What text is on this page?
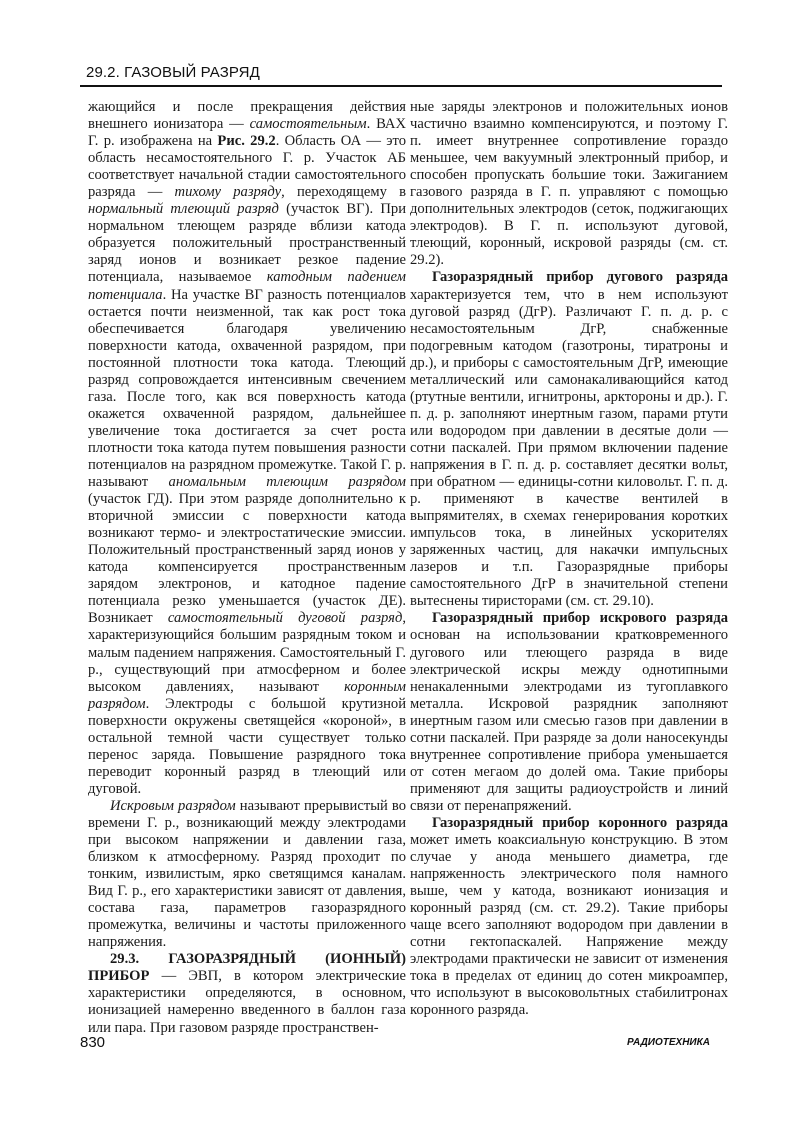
29.2. ГАЗОВЫЙ РАЗРЯД

жающийся и после прекращения действия внешнего ионизатора — самостоятельным. ВАХ Г. р. изображена на Рис. 29.2. Область ОА — это область несамостоятельного Г. р. Участок АБ соответствует начальной стадии самостоятельного разряда — тихому разряду, переходящему в нормальный тлеющий разряд (участок ВГ). При нормальном тлеющем разряде вблизи катода образуется положительный пространственный заряд ионов и возникает резкое падение потенциала, называемое катодным падением потенциала. На участке ВГ разность потенциалов остается почти неизменной, так как рост тока обеспечивается благодаря увеличению поверхности катода, охваченной разрядом, при постоянной плотности тока катода. Тлеющий разряд сопровождается интенсивным свечением газа. После того, как вся поверхность катода окажется охваченной разрядом, дальнейшее увеличение тока достигается за счет роста плотности тока катода путем повышения разности потенциалов на разрядном промежутке. Такой Г. р. называют аномальным тлеющим разрядом (участок ГД). При этом разряде дополнительно к вторичной эмиссии с поверхности катода возникают термо- и электростатические эмиссии. Положительный пространственный заряд ионов у катода компенсируется пространственным зарядом электронов, и катодное падение потенциала резко уменьшается (участок ДЕ). Возникает самостоятельный дуговой разряд, характеризующийся большим разрядным током и малым падением напряжения. Самостоятельный Г. р., существующий при атмосферном и более высоком давлениях, называют коронным разрядом. Электроды с большой крутизной поверхности окружены светящейся «короной», в остальной темной части существует только перенос заряда. Повышение разрядного тока переводит коронный разряд в тлеющий или дуговой.

Искровым разрядом называют прерывистый во времени Г. р., возникающий между электродами при высоком напряжении и давлении газа, близком к атмосферному. Разряд проходит по тонким, извилистым, ярко светящимся каналам. Вид Г. р., его характеристики зависят от давления, состава газа, параметров газоразрядного промежутка, величины и частоты приложенного напряжения.

29.3. ГАЗОРАЗРЯДНЫЙ (ИОННЫЙ) ПРИБОР — ЭВП, в котором электрические характеристики определяются, в основном, ионизацией намеренно введенного в баллон газа или пара. При газовом разряде пространствен-

ные заряды электронов и положительных ионов частично взаимно компенсируются, и поэтому Г. п. имеет внутреннее сопротивление гораздо меньшее, чем вакуумный электронный прибор, и способен пропускать большие токи. Зажиганием газового разряда в Г. п. управляют с помощью дополнительных электродов (сеток, поджигающих электродов). В Г. п. используют дуговой, тлеющий, коронный, искровой разряды (см. ст. 29.2).

Газоразрядный прибор дугового разряда характеризуется тем, что в нем используют дуговой разряд (ДгР). Различают Г. п. д. р. с несамостоятельным ДгР, снабженные подогревным катодом (газотроны, тиратроны и др.), и приборы с самостоятельным ДгР, имеющие металлический или самонакаливающийся катод (ртутные вентили, игнитроны, арктороны и др.). Г. п. д. р. заполняют инертным газом, парами ртути или водородом при давлении в десятые доли — сотни паскалей. При прямом включении падение напряжения в Г. п. д. р. составляет десятки вольт, при обратном — единицы-сотни киловольт. Г. п. д. р. применяют в качестве вентилей в выпрямителях, в схемах генерирования коротких импульсов тока, в линейных ускорителях заряженных частиц, для накачки импульсных лазеров и т.п. Газоразрядные приборы самостоятельного ДгР в значительной степени вытеснены тиристорами (см. ст. 29.10).

Газоразрядный прибор искрового разряда основан на использовании кратковременного дугового или тлеющего разряда в виде электрической искры между однотипными ненакаленными электродами из тугоплавкого металла. Искровой разрядник заполняют инертным газом или смесью газов при давлении в сотни паскалей. При разряде за доли наносекунды внутреннее сопротивление прибора уменьшается от сотен мегаом до долей ома. Такие приборы применяют для защиты радиоустройств и линий связи от перенапряжений.

Газоразрядный прибор коронного разряда может иметь коаксиальную конструкцию. В этом случае у анода меньшего диаметра, где напряженность электрического поля намного выше, чем у катода, возникают ионизация и коронный разряд (см. ст. 29.2). Такие приборы чаще всего заполняют водородом при давлении в сотни гектопаскалей. Напряжение между электродами практически не зависит от изменения тока в пределах от единиц до сотен микроампер, что используют в высоковольтных стабилитронах коронного разряда.

830	РАДИОТЕХНИКА
